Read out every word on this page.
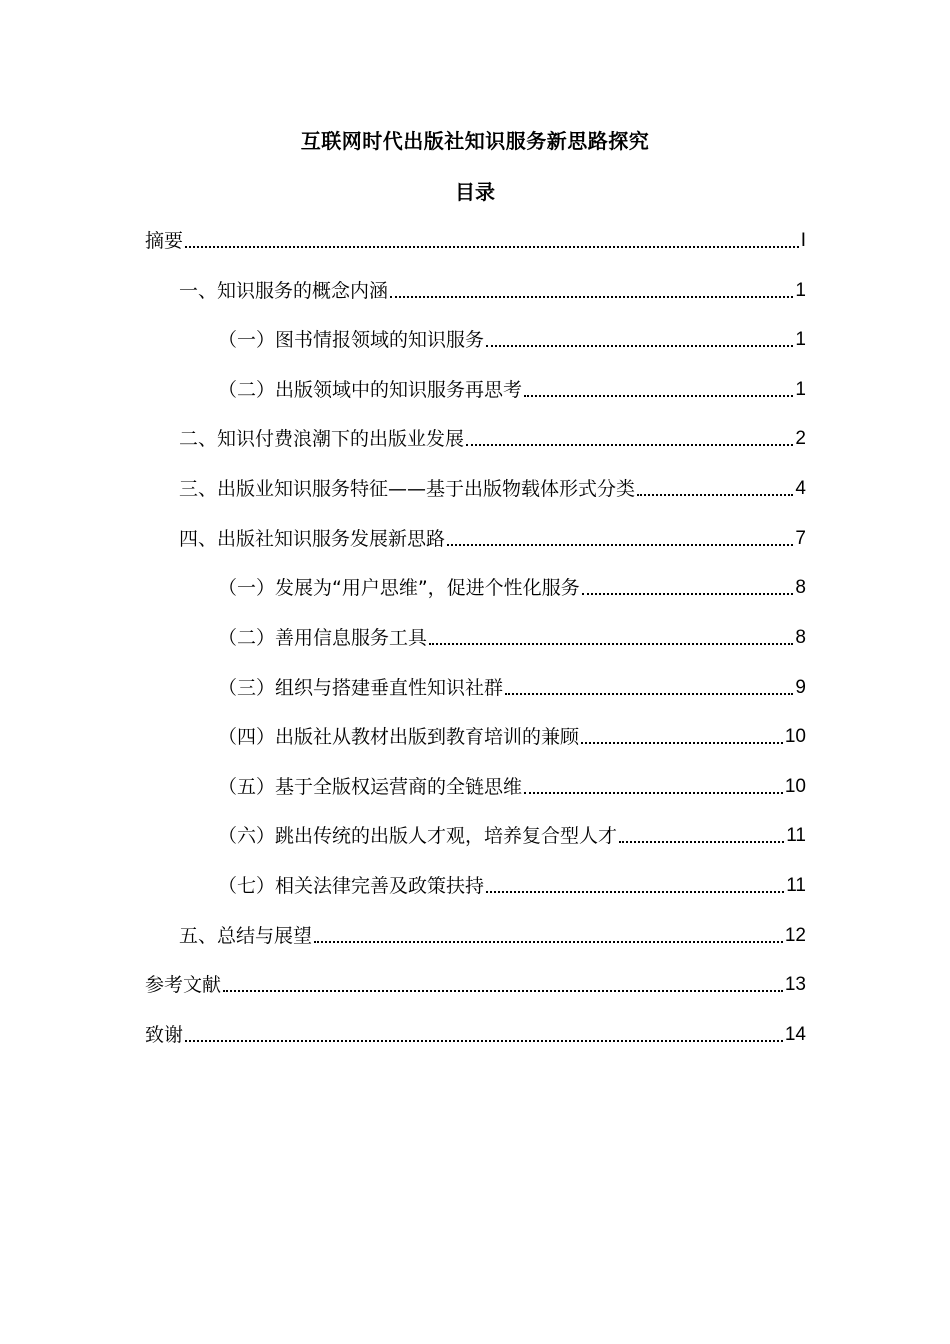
互联网时代出版社知识服务新思路探究
目录
摘要	I
一、知识服务的概念内涵	1
（一）图书情报领域的知识服务	1
（二）出版领域中的知识服务再思考	1
二、知识付费浪潮下的出版业发展	2
三、出版业知识服务特征——基于出版物载体形式分类	4
四、出版社知识服务发展新思路	7
（一）发展为“用户思维”，促进个性化服务	8
（二）善用信息服务工具	8
（三）组织与搭建垂直性知识社群	9
（四）出版社从教材出版到教育培训的兼顾	10
（五）基于全版权运营商的全链思维	10
（六）跳出传统的出版人才观，培养复合型人才	11
（七）相关法律完善及政策扶持	11
五、总结与展望	12
参考文献	13
致谢	14
